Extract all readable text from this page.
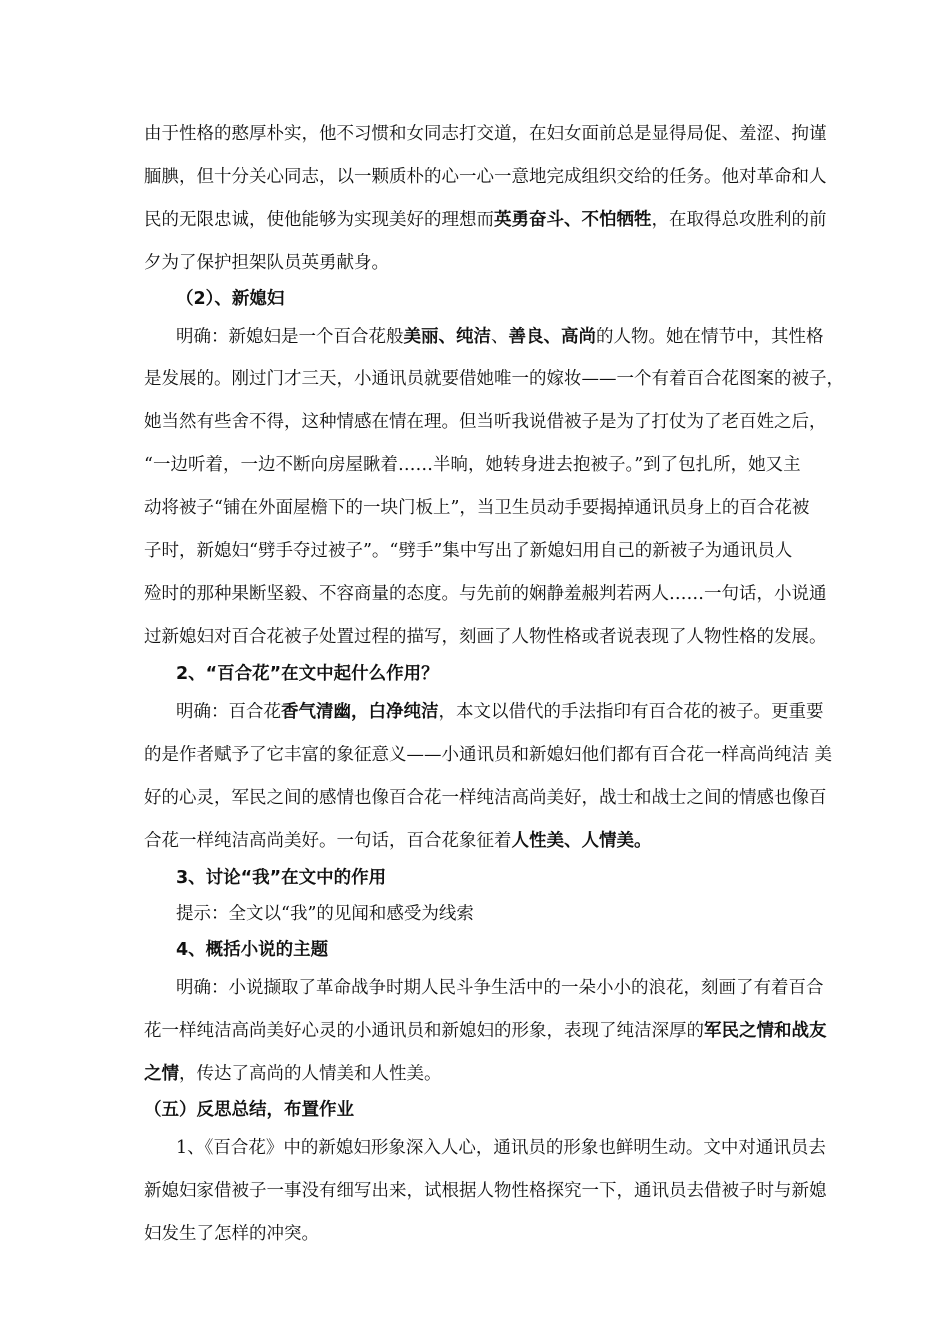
由于性格的憨厚朴实，他不习惯和女同志打交道，在妇女面前总是显得局促、羞涩、拘谨
腼腆，但十分关心同志，以一颗质朴的心一心一意地完成组织交给的任务。他对革命和人
民的无限忠诚，使他能够为实现美好的理想而英勇奋斗、不怕牺牲，在取得总攻胜利的前
夕为了保护担架队员英勇献身。
（2）、新媳妇
明确：新媳妇是一个百合花般美丽、纯洁、善良、高尚的人物。她在情节中，其性格
是发展的。刚过门才三天，小通讯员就要借她唯一的嫁妆——一个有着百合花图案的被子，
她当然有些舍不得，这种情感在情在理。但当听我说借被子是为了打仗为了老百姓之后，
“一边听着，一边不断向房屋瞅着……半晌，她转身进去抱被子。”到了包扎所，她又主
动将被子“铺在外面屋檐下的一块门板上”，当卫生员动手要揭掉通讯员身上的百合花被
子时，新媳妇“劈手夺过被子”。“劈手”集中写出了新媳妇用自己的新被子为通讯员人
殓时的那种果断坚毅、不容商量的态度。与先前的娴静羞赧判若两人……一句话，小说通
过新媳妇对百合花被子处置过程的描写，刻画了人物性格或者说表现了人物性格的发展。
2、“百合花”在文中起什么作用？
明确：百合花香气清幽，白净纯洁，本文以借代的手法指印有百合花的被子。更重要
的是作者赋予了它丰富的象征意义——小通讯员和新媳妇他们都有百合花一样高尚纯洁 美
好的心灵，军民之间的感情也像百合花一样纯洁高尚美好，战士和战士之间的情感也像百
合花一样纯洁高尚美好。一句话，百合花象征着人性美、人情美。
3、讨论“我”在文中的作用
提示：全文以“我”的见闻和感受为线索
4、概括小说的主题
明确：小说撷取了革命战争时期人民斗争生活中的一朵小小的浪花，刻画了有着百合
花一样纯洁高尚美好心灵的小通讯员和新媳妇的形象，表现了纯洁深厚的军民之情和战友
之情，传达了高尚的人情美和人性美。
（五）反思总结，布置作业
1、《百合花》中的新媳妇形象深入人心，通讯员的形象也鲜明生动。文中对通讯员去
新媳妇家借被子一事没有细写出来，试根据人物性格探究一下，通讯员去借被子时与新媳
妇发生了怎样的冲突。
